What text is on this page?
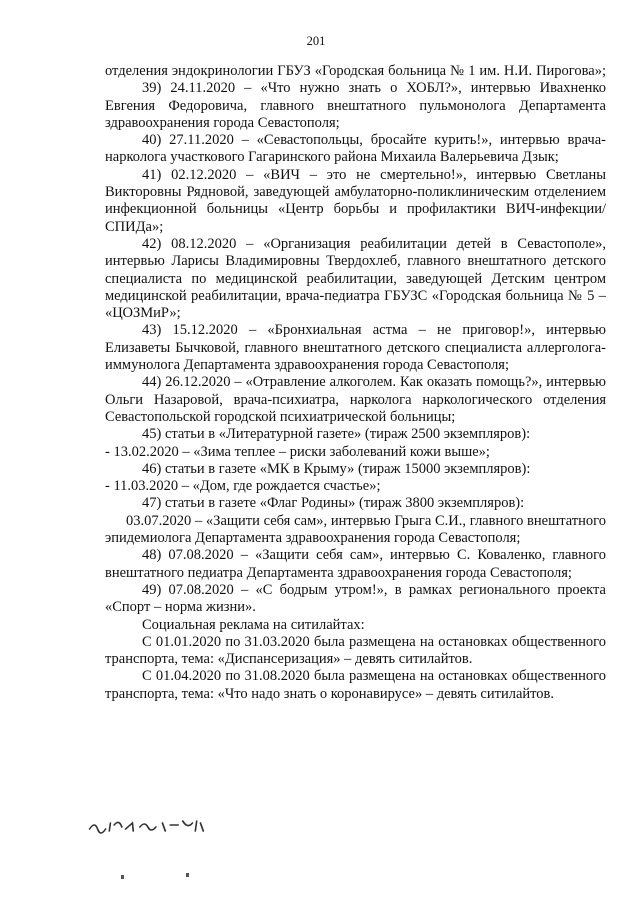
201

отделения эндокринологии ГБУЗ «Городская больница № 1 им. Н.И. Пирогова»;

39) 24.11.2020 – «Что нужно знать о ХОБЛ?», интервью Ивахненко Евгения Федоровича, главного внештатного пульмонолога Департамента здравоохранения города Севастополя;

40) 27.11.2020 – «Севастопольцы, бросайте курить!», интервью врача-нарколога участкового Гагаринского района Михаила Валерьевича Дзык;

41) 02.12.2020 – «ВИЧ – это не смертельно!», интервью Светланы Викторовны Рядновой, заведующей амбулаторно-поликлиническим отделением инфекционной больницы «Центр борьбы и профилактики ВИЧ-инфекции/СПИДа»;

42) 08.12.2020 – «Организация реабилитации детей в Севастополе», интервью Ларисы Владимировны Твердохлеб, главного внештатного детского специалиста по медицинской реабилитации, заведующей Детским центром медицинской реабилитации, врача-педиатра ГБУЗС «Городская больница № 5 – «ЦОЗМиР»;

43) 15.12.2020 – «Бронхиальная астма – не приговор!», интервью Елизаветы Бычковой, главного внештатного детского специалиста аллерголога-иммунолога Департамента здравоохранения города Севастополя;

44) 26.12.2020 – «Отравление алкоголем. Как оказать помощь?», интервью Ольги Назаровой, врача-психиатра, нарколога наркологического отделения Севастопольской городской психиатрической больницы;

45) статьи в «Литературной газете» (тираж 2500 экземпляров):

- 13.02.2020 – «Зима теплее – риски заболеваний кожи выше»;

46) статьи в газете «МК в Крыму» (тираж 15000 экземпляров):

- 11.03.2020 – «Дом, где рождается счастье»;

47) статьи в газете «Флаг Родины» (тираж 3800 экземпляров):

03.07.2020 – «Защити себя сам», интервью Грыга С.И., главного внештатного эпидемиолога Департамента здравоохранения города Севастополя;

48) 07.08.2020 – «Защити себя сам», интервью С. Коваленко, главного внештатного педиатра Департамента здравоохранения города Севастополя;

49) 07.08.2020 – «С бодрым утром!», в рамках регионального проекта «Спорт – норма жизни».

Социальная реклама на ситилайтах:

С 01.01.2020 по 31.03.2020 была размещена на остановках общественного транспорта, тема: «Диспансеризация» – девять ситилайтов.

С 01.04.2020 по 31.08.2020 была размещена на остановках общественного транспорта, тема: «Что надо знать о коронавирусе» – девять ситилайтов.
